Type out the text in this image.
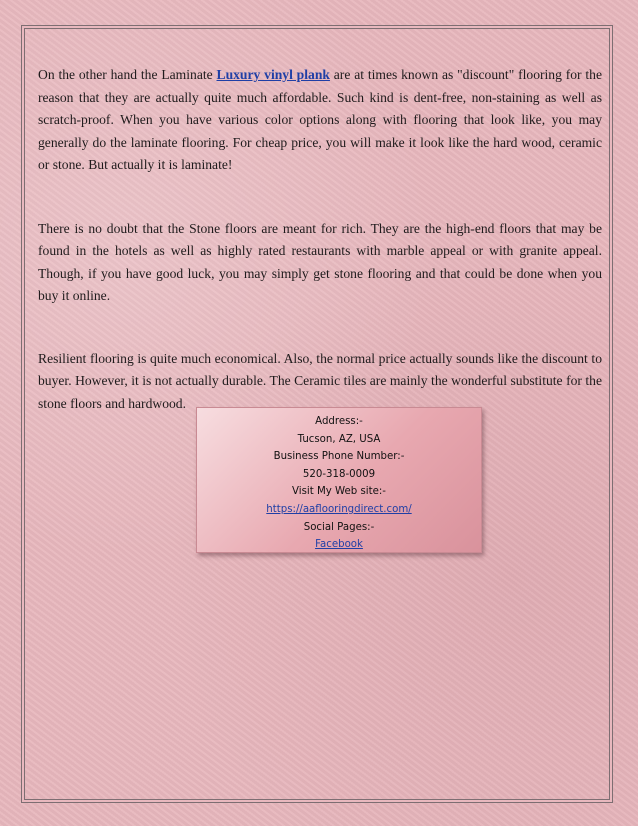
On the other hand the Laminate Luxury vinyl plank are at times known as "discount" flooring for the reason that they are actually quite much affordable. Such kind is dent-free, non-staining as well as scratch-proof. When you have various color options along with flooring that look like, you may generally do the laminate flooring. For cheap price, you will make it look like the hard wood, ceramic or stone. But actually it is laminate!

There is no doubt that the Stone floors are meant for rich. They are the high-end floors that may be found in the hotels as well as highly rated restaurants with marble appeal or with granite appeal. Though, if you have good luck, you may simply get stone flooring and that could be done when you buy it online.

Resilient flooring is quite much economical. Also, the normal price actually sounds like the discount to buyer. However, it is not actually durable. The Ceramic tiles are mainly the wonderful substitute for the stone floors and hardwood.

Address:-
Tucson, AZ, USA
Business Phone Number:-
520-318-0009
Visit My Web site:-
https://aaflooringdirect.com/
Social Pages:-
Facebook
